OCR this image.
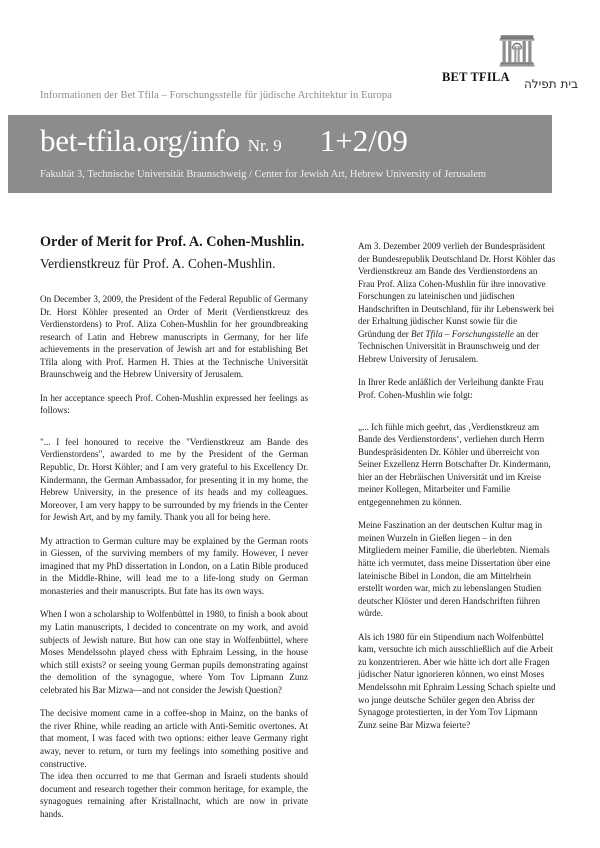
BET TFILA בית תפילה
Informationen der Bet Tfila – Forschungsstelle für jüdische Architektur in Europa
bet-tfila.org/info Nr. 9 1+2/09
Fakultät 3, Technische Universität Braunschweig / Center for Jewish Art, Hebrew University of Jerusalem

Order of Merit for Prof. A. Cohen-Mushlin.

Verdienstkreuz für Prof. A. Cohen-Mushlin.

On December 3, 2009, the President of the Federal Republic of Germany Dr. Horst Köhler presented an Order of Merit (Verdienstkreuz des Verdienstordens) to Prof. Aliza Cohen-Mushlin for her groundbreaking research of Latin and Hebrew manuscripts in Germany, for her life achievements in the preservation of Jewish art and for establishing Bet Tfila along with Prof. Harmen H. Thies at the Technische Universität Braunschweig and the Hebrew University of Jerusalem.

In her acceptance speech Prof. Cohen-Mushlin expressed her feelings as follows:

"... I feel honoured to receive the "Verdienstkreuz am Bande des Verdienstordens", awarded to me by the President of the German Republic, Dr. Horst Köhler; and I am very grateful to his Excellency Dr. Kindermann, the German Ambassador, for presenting it in my home, the Hebrew University, in the presence of its heads and my colleagues. Moreover, I am very happy to be surrounded by my friends in the Center for Jewish Art, and by my family. Thank you all for being here.

My attraction to German culture may be explained by the German roots in Giessen, of the surviving members of my family. However, I never imagined that my PhD dissertation in London, on a Latin Bible produced in the Middle-Rhine, will lead me to a life-long study on German monasteries and their manuscripts. But fate has its own ways.

When I won a scholarship to Wolfenbüttel in 1980, to finish a book about my Latin manuscripts, I decided to concentrate on my work, and avoid subjects of Jewish nature. But how can one stay in Wolfenbüttel, where Moses Mendelssohn played chess with Ephraim Lessing, in the house which still exists? or seeing young German pupils demonstrating against the demolition of the synagogue, where Yom Tov Lipmann Zunz celebrated his Bar Mizwa—and not consider the Jewish Question?

The decisive moment came in a coffee-shop in Mainz, on the banks of the river Rhine, while reading an article with Anti-Semitic overtones. At that moment, I was faced with two options: either leave Germany right away, never to return, or turn my feelings into something positive and constructive.

The idea then occurred to me that German and Israeli students should document and research together their common heritage, for example, the synagogues remaining after Kristallnacht, which are now in private hands.

Am 3. Dezember 2009 verlieh der Bundespräsident der Bundesrepublik Deutschland Dr. Horst Köhler das Verdienstkreuz am Bande des Verdienstordens an Frau Prof. Aliza Cohen-Mushlin für ihre innovative Forschungen zu lateinischen und jüdischen Handschriften in Deutschland, für ihr Lebenswerk bei der Erhaltung jüdischer Kunst sowie für die Gründung der Bet Tfila – Forschungsstelle an der Technischen Universität in Braunschweig und der Hebrew University of Jerusalem.

In Ihrer Rede anläßlich der Verleihung dankte Frau Prof. Cohen-Mushlin wie folgt:

„... Ich fühle mich geehrt, das ‚Verdienstkreuz am Bande des Verdienstordens‘, verliehen durch Herrn Bundespräsidenten Dr. Köhler und überreicht von Seiner Exzellenz Herrn Botschafter Dr. Kindermann, hier an der Hebräischen Universität und im Kreise meiner Kollegen, Mitarbeiter und Familie entgegennehmen zu können.

Meine Faszination an der deutschen Kultur mag in meinen Wurzeln in Gießen liegen – in den Mitgliedern meiner Familie, die überlebten. Niemals hätte ich vermutet, dass meine Dissertation über eine lateinische Bibel in London, die am Mittelrhein erstellt worden war, mich zu lebenslangen Studien deutscher Klöster und deren Handschriften führen würde.

Als ich 1980 für ein Stipendium nach Wolfenbüttel kam, versuchte ich mich ausschließlich auf die Arbeit zu konzentrieren. Aber wie hätte ich dort alle Fragen jüdischer Natur ignorieren können, wo einst Moses Mendelssohn mit Ephraim Lessing Schach spielte und wo junge deutsche Schüler gegen den Abriss der Synagoge protestierten, in der Yom Tov Lipmann Zunz seine Bar Mizwa feierte?
